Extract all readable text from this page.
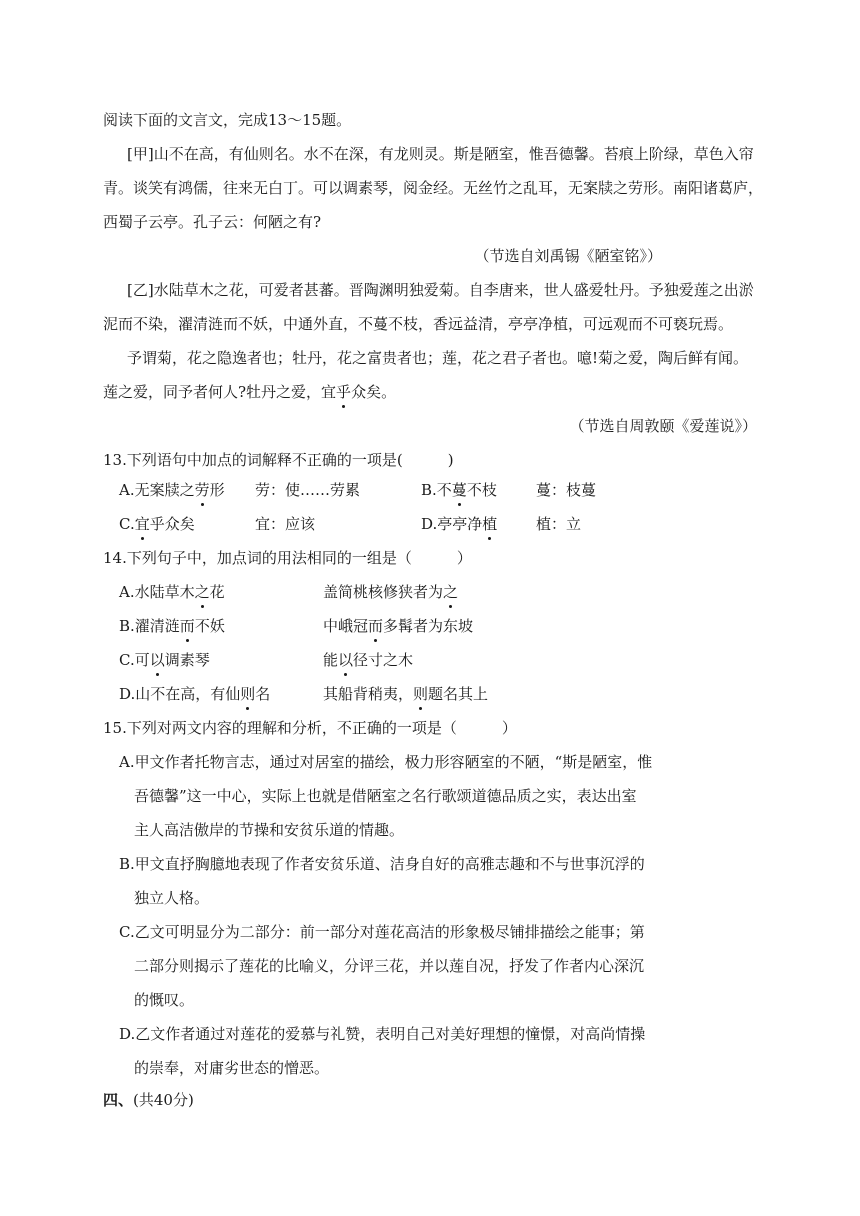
阅读下面的文言文，完成13～15题。
[甲]山不在高，有仙则名。水不在深，有龙则灵。斯是陋室，惟吾德馨。苔痕上阶绿，草色入帘
青。谈笑有鸿儒，往来无白丁。可以调素琴，阅金经。无丝竹之乱耳，无案牍之劳形。南阳诸葛庐，
西蜀子云亭。孔子云：何陋之有?
（节选自刘禹锡《陋室铭》）
[乙]水陆草木之花，可爱者甚蕃。晋陶渊明独爱菊。自李唐来，世人盛爱牡丹。予独爱莲之出淤
泥而不染，濯清涟而不妖，中通外直，不蔓不枝，香远益清，亭亭净植，可远观而不可亵玩焉。
予谓菊，花之隐逸者也；牡丹，花之富贵者也；莲，花之君子者也。噫!菊之爱，陶后鲜有闻。
莲之爱，同予者何人?牡丹之爱，宜乎众矣。
（节选自周敦颐《爱莲说》）
13.下列语句中加点的词解释不正确的一项是(　　　)
A.无案牍之劳形 劳：使……劳累	B.不蔓不枝	蔓：枝蔓
C.宜乎众矣	宜：应该	D.亭亭净植	植：立
14.下列句子中，加点词的用法相同的一组是（　　　）
A.水陆草木之花	盖简桃核修狭者为之
B.濯清涟而不妖	中峨冠而多髯者为东坡
C.可以调素琴	能以径寸之木
D.山不在高，有仙则名	其船背稍夷，则题名其上
15.下列对两文内容的理解和分析，不正确的一项是（　　　）
A.甲文作者托物言志，通过对居室的描绘，极力形容陋室的不陋，“斯是陋室，惟
吾德馨”这一中心，实际上也就是借陋室之名行歌颂道德品质之实，表达出室
主人高洁傲岸的节操和安贫乐道的情趣。
B.甲文直抒胸臆地表现了作者安贫乐道、洁身自好的高雅志趣和不与世事沉浮的
独立人格。
C.乙文可明显分为二部分：前一部分对莲花高洁的形象极尽铺排描绘之能事；第
二部分则揭示了莲花的比喻义，分评三花，并以莲自况，抒发了作者内心深沉
的慨叹。
D.乙文作者通过对莲花的爱慕与礼赞，表明自己对美好理想的憧憬，对高尚情操
的崇奉，对庸劣世态的憎恶。
四、(共40分)
